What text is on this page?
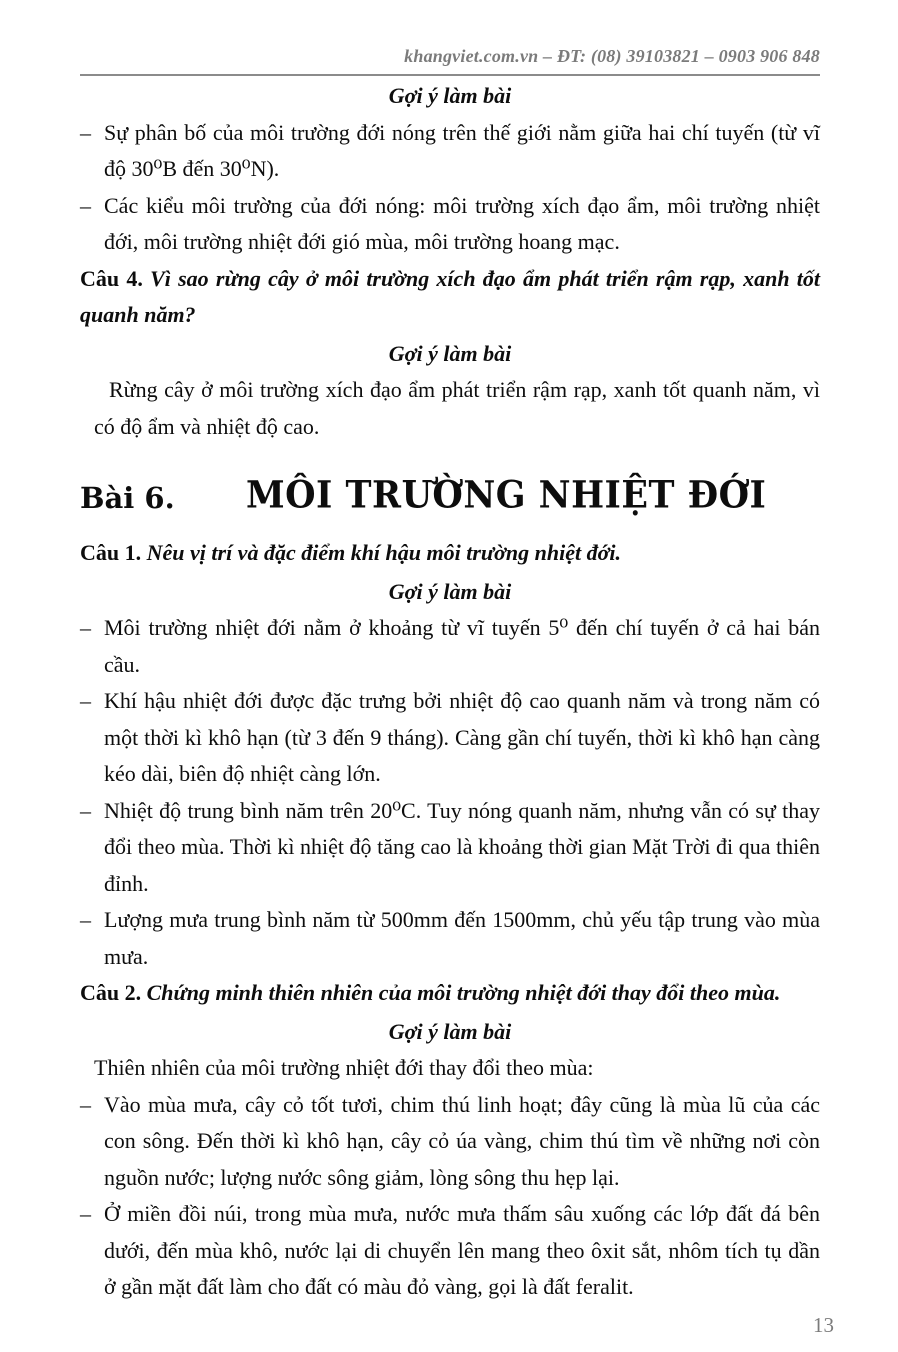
khangviet.com.vn – ĐT: (08) 39103821 – 0903 906 848
Gợi ý làm bài
– Sự phân bố của môi trường đới nóng trên thế giới nằm giữa hai chí tuyến (từ vĩ độ 30⁰B đến 30⁰N).
– Các kiểu môi trường của đới nóng: môi trường xích đạo ẩm, môi trường nhiệt đới, môi trường nhiệt đới gió mùa, môi trường hoang mạc.
Câu 4. Vì sao rừng cây ở môi trường xích đạo ẩm phát triển rậm rạp, xanh tốt quanh năm?
Gợi ý làm bài
Rừng cây ở môi trường xích đạo ẩm phát triển rậm rạp, xanh tốt quanh năm, vì có độ ẩm và nhiệt độ cao.
Bài 6.	MÔI TRƯỜNG NHIỆT ĐỚI
Câu 1. Nêu vị trí và đặc điểm khí hậu môi trường nhiệt đới.
Gợi ý làm bài
– Môi trường nhiệt đới nằm ở khoảng từ vĩ tuyến 5⁰ đến chí tuyến ở cả hai bán cầu.
– Khí hậu nhiệt đới được đặc trưng bởi nhiệt độ cao quanh năm và trong năm có một thời kì khô hạn (từ 3 đến 9 tháng). Càng gần chí tuyến, thời kì khô hạn càng kéo dài, biên độ nhiệt càng lớn.
– Nhiệt độ trung bình năm trên 20⁰C. Tuy nóng quanh năm, nhưng vẫn có sự thay đổi theo mùa. Thời kì nhiệt độ tăng cao là khoảng thời gian Mặt Trời đi qua thiên đỉnh.
– Lượng mưa trung bình năm từ 500mm đến 1500mm, chủ yếu tập trung vào mùa mưa.
Câu 2. Chứng minh thiên nhiên của môi trường nhiệt đới thay đổi theo mùa.
Gợi ý làm bài
Thiên nhiên của môi trường nhiệt đới thay đổi theo mùa:
– Vào mùa mưa, cây cỏ tốt tươi, chim thú linh hoạt; đây cũng là mùa lũ của các con sông. Đến thời kì khô hạn, cây cỏ úa vàng, chim thú tìm về những nơi còn nguồn nước; lượng nước sông giảm, lòng sông thu hẹp lại.
– Ở miền đồi núi, trong mùa mưa, nước mưa thấm sâu xuống các lớp đất đá bên dưới, đến mùa khô, nước lại di chuyển lên mang theo ôxit sắt, nhôm tích tụ dần ở gần mặt đất làm cho đất có màu đỏ vàng, gọi là đất feralit.
13
